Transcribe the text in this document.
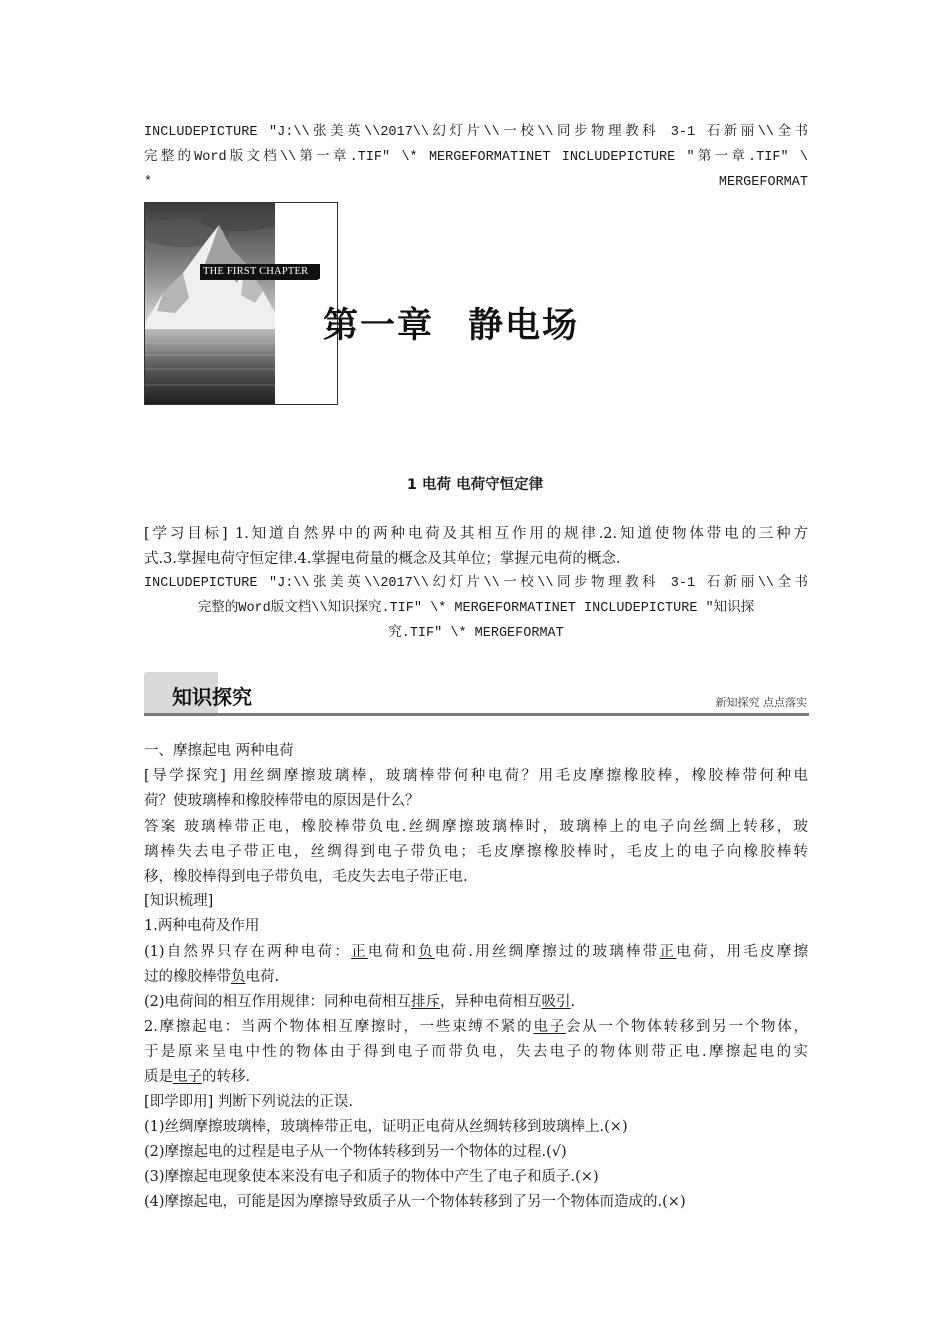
INCLUDEPICTURE "J:\\张美英\\2017\\幻灯片\\一校\\同步物理教科 3-1 石新丽\\全书
完整的Word版文档\\第一章.TIF" \* MERGEFORMATINET INCLUDEPICTURE "第一章.TIF" \
*	MERGEFORMAT
THE FIRST CHAPTER
第一章 静电场
1 电荷 电荷守恒定律
[学习目标] 1.知道自然界中的两种电荷及其相互作用的规律.2.知道使物体带电的三种方
式.3.掌握电荷守恒定律.4.掌握电荷量的概念及其单位；掌握元电荷的概念.
INCLUDEPICTURE "J:\\张美英\\2017\\幻灯片\\一校\\同步物理教科 3-1 石新丽\\全书
完整的Word版文档\\知识探究.TIF" \* MERGEFORMATINET INCLUDEPICTURE "知识探
究.TIF" \* MERGEFORMAT
知识探究	新知探究 点点落实
一、摩擦起电 两种电荷
[导学探究] 用丝绸摩擦玻璃棒，玻璃棒带何种电荷？用毛皮摩擦橡胶棒，橡胶棒带何种电
荷？使玻璃棒和橡胶棒带电的原因是什么？
答案 玻璃棒带正电，橡胶棒带负电.丝绸摩擦玻璃棒时，玻璃棒上的电子向丝绸上转移，玻
璃棒失去电子带正电，丝绸得到电子带负电；毛皮摩擦橡胶棒时，毛皮上的电子向橡胶棒转
移，橡胶棒得到电子带负电，毛皮失去电子带正电.
[知识梳理]
1.两种电荷及作用
(1)自然界只存在两种电荷：正电荷和负电荷.用丝绸摩擦过的玻璃棒带正电荷，用毛皮摩擦
过的橡胶棒带负电荷.
(2)电荷间的相互作用规律：同种电荷相互排斥，异种电荷相互吸引.
2.摩擦起电：当两个物体相互摩擦时，一些束缚不紧的电子会从一个物体转移到另一个物体，
于是原来呈电中性的物体由于得到电子而带负电，失去电子的物体则带正电.摩擦起电的实
质是电子的转移.
[即学即用] 判断下列说法的正误.
(1)丝绸摩擦玻璃棒，玻璃棒带正电，证明正电荷从丝绸转移到玻璃棒上.(×)
(2)摩擦起电的过程是电子从一个物体转移到另一个物体的过程.(√)
(3)摩擦起电现象使本来没有电子和质子的物体中产生了电子和质子.(×)
(4)摩擦起电，可能是因为摩擦导致质子从一个物体转移到了另一个物体而造成的.(×)
